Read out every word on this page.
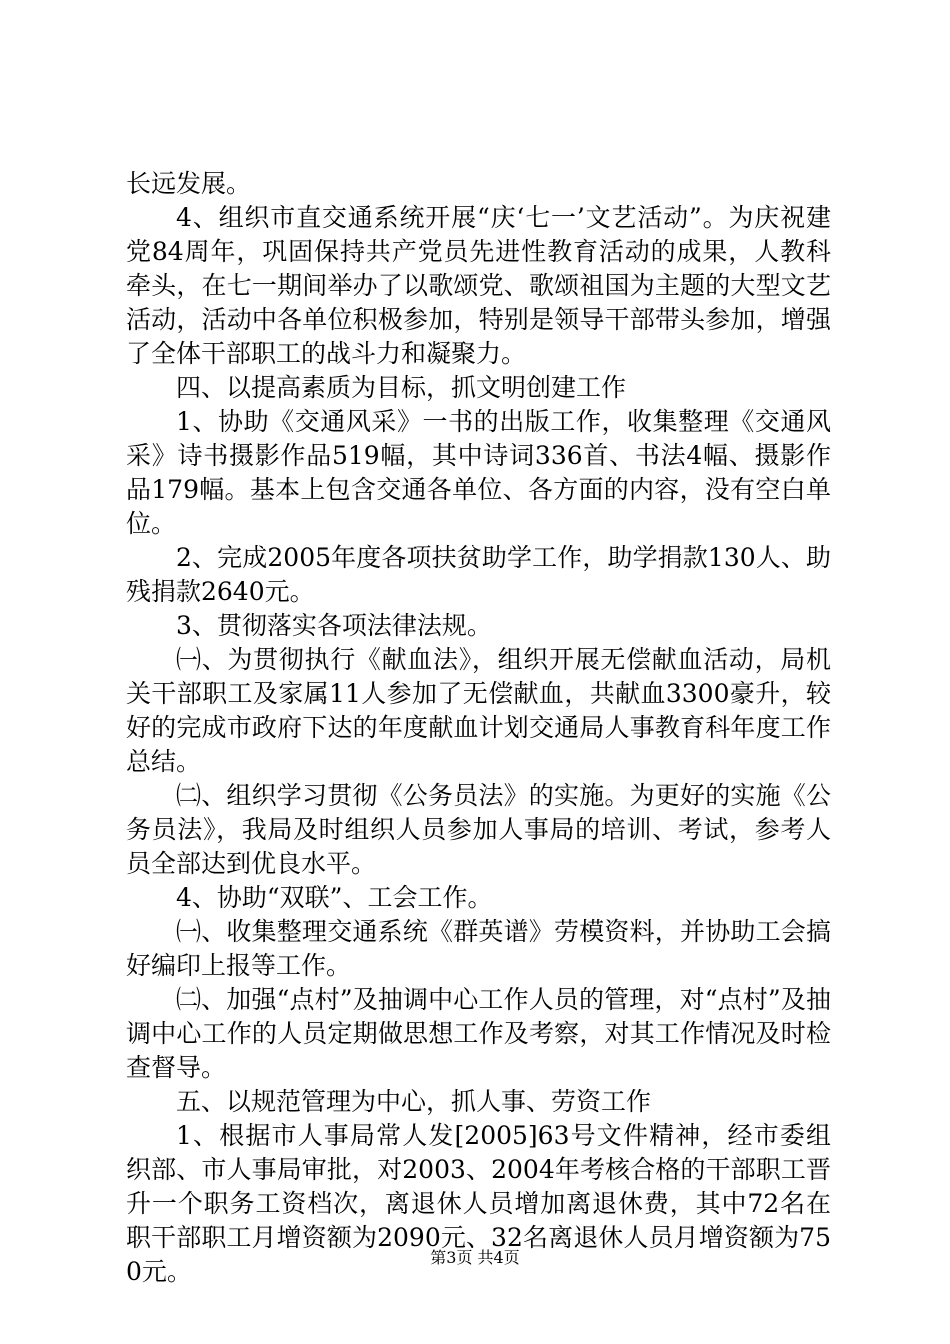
长远发展。

4、组织市直交通系统开展“庆‘七一’文艺活动”。为庆祝建党84周年，巩固保持共产党员先进性教育活动的成果，人教科牵头，在七一期间举办了以歌颂党、歌颂祖国为主题的大型文艺活动，活动中各单位积极参加，特别是领导干部带头参加，增强了全体干部职工的战斗力和凝聚力。

四、以提高素质为目标，抓文明创建工作

1、协助《交通风采》一书的出版工作，收集整理《交通风采》诗书摄影作品519幅，其中诗词336首、书法4幅、摄影作品179幅。基本上包含交通各单位、各方面的内容，没有空白单位。

2、完成2005年度各项扶贫助学工作，助学捐款130人、助残捐款2640元。

3、贯彻落实各项法律法规。

㈠、为贯彻执行《献血法》，组织开展无偿献血活动，局机关干部职工及家属11人参加了无偿献血，共献血3300豪升，较好的完成市政府下达的年度献血计划交通局人事教育科年度工作总结。

㈡、组织学习贯彻《公务员法》的实施。为更好的实施《公务员法》，我局及时组织人员参加人事局的培训、考试，参考人员全部达到优良水平。

4、协助“双联”、工会工作。

㈠、收集整理交通系统《群英谱》劳模资料，并协助工会搞好编印上报等工作。

㈡、加强“点村”及抽调中心工作人员的管理，对“点村”及抽调中心工作的人员定期做思想工作及考察，对其工作情况及时检查督导。

五、以规范管理为中心，抓人事、劳资工作

1、根据市人事局常人发[2005]63号文件精神，经市委组织部、市人事局审批，对2003、2004年考核合格的干部职工晋升一个职务工资档次，离退休人员增加离退休费，其中72名在职干部职工月增资额为2090元、32名离退休人员月增资额为750元。	第3页 共4页
